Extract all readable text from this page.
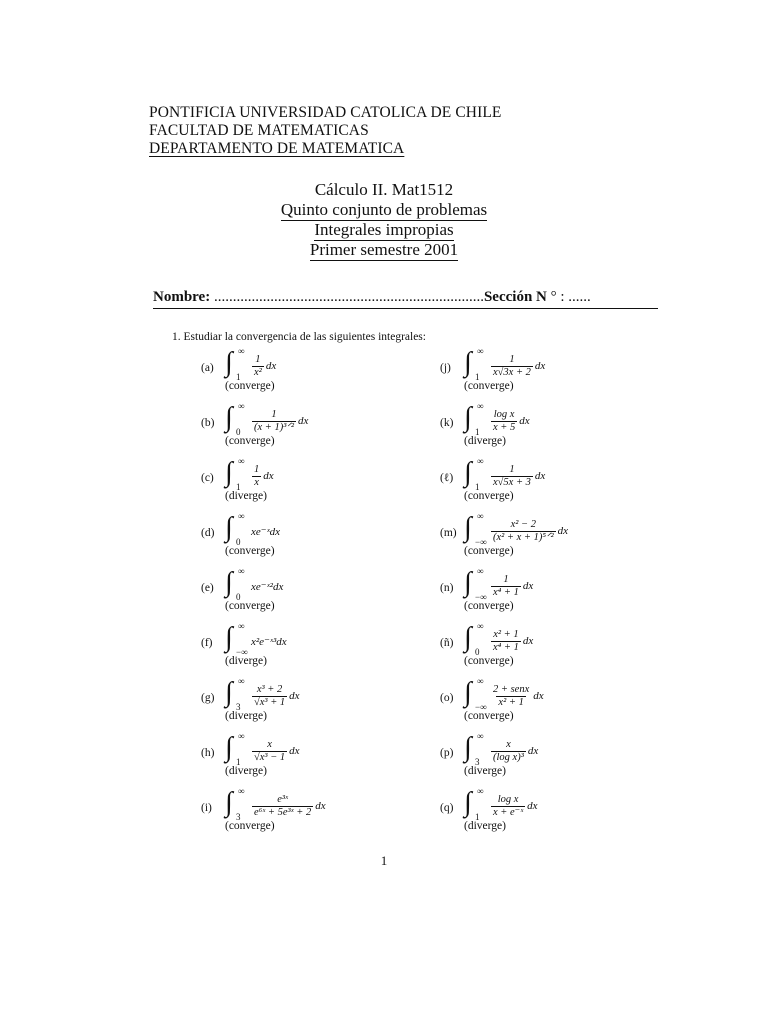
PONTIFICIA UNIVERSIDAD CATOLICA DE CHILE
FACULTAD DE MATEMATICAS
DEPARTAMENTO DE MATEMATICA
Cálculo II. Mat1512
Quinto conjunto de problemas
Integrales impropias
Primer semestre 2001
Nombre: ........................................................................Sección N ° : ......
1. Estudiar la convergencia de las siguientes integrales:
(a) ∫ ∞
$1 \frac{1}{\text{x²}}$ dx
(converge)
(b) ∫ ∞
$0 \frac{1}{\text{(x + 1)³ᐟ²}}$ dx
(converge)
(c) ∫ ∞
$1 \frac{1}{x}$ dx
(diverge)
(d) ∫ ∞
0
xe⁻ˣdx
(converge)
(e) ∫ ∞
0
xe⁻ˣ²dx
(converge)
(f) ∫ ∞
−∞
x²e⁻ˣ³dx
(diverge)
(g) ∫ ∞
$3 \frac{\text{x³ + 2}}{\text{√x³ + 1}}$ dx
(diverge)
(h) ∫ ∞
$1 \frac{x}{\text{√x³ − 1}}$ dx
(diverge)
(i) ∫ ∞
$3 \frac{\text{e³ˣ}}{\text{e⁶ˣ + 5e³ˣ + 2}}$ dx
(converge)
(j) ∫ ∞
$1 \frac{1}{x√3x + 2}$ dx
(converge)
(k) ∫ ∞
$1 \frac{\text{log x}}{x + 5}$ dx
(diverge)
(ℓ) ∫ ∞
$1 \frac{1}{x√5x + 3}$ dx
(converge)
(m) ∫ ∞
−∞ $\frac{\text{x² − 2}}{\text{(x² + x + 1)⁵ᐟ²}}$ dx
(converge)
(n) ∫ ∞
−∞ $\frac{1}{\text{x⁴ + 1}}$ dx
(converge)
(ñ) ∫ ∞
$0 \frac{\text{x² + 1}}{\text{x⁴ + 1}}$ dx
(converge)
(o) ∫ ∞
−∞ $\frac{\text{2 + senx}}{\text{x² + 1}}$ dx
(converge)
(p) ∫ ∞
$3 \frac{x}{\text{(log x)³}}$ dx
(diverge)
(q) ∫ ∞
$1 \frac{\text{log x}}{\text{x + e⁻ˣ}}$ dx
(diverge)
1
